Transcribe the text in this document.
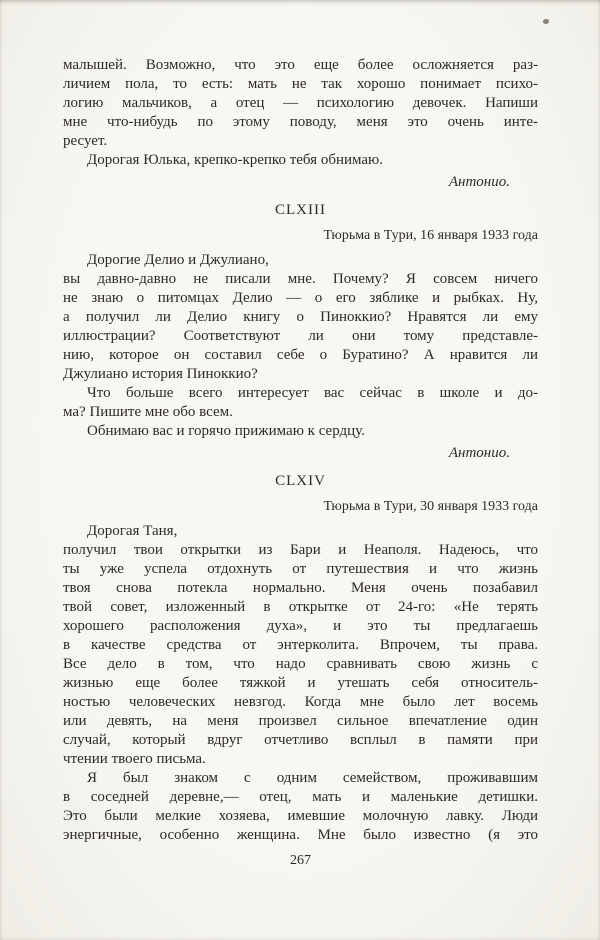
малышей. Возможно, что это еще более осложняется раз-
личием пола, то есть: мать не так хорошо понимает психо-
логию мальчиков, а отец — психологию девочек. Напиши
мне что-нибудь по этому поводу, меня это очень инте-
ресует.
Дорогая Юлька, крепко-крепко тебя обнимаю.
Антонио.
CLXIII
Тюрьма в Тури, 16 января 1933 года
Дорогие Делио и Джулиано,
вы давно-давно не писали мне. Почему? Я совсем ничего
не знаю о питомцах Делио — о его зяблике и рыбках. Ну,
а получил ли Делио книгу о Пиноккио? Нравятся ли ему
иллюстрации? Соответствуют ли они тому представле-
нию, которое он составил себе о Буратино? А нравится ли
Джулиано история Пиноккио?
Что больше всего интересует вас сейчас в школе и до-
ма? Пишите мне обо всем.
Обнимаю вас и горячо прижимаю к сердцу.
Антонио.
CLXIV
Тюрьма в Тури, 30 января 1933 года
Дорогая Таня,
получил твои открытки из Бари и Неаполя. Надеюсь, что
ты уже успела отдохнуть от путешествия и что жизнь
твоя снова потекла нормально. Меня очень позабавил
твой совет, изложенный в открытке от 24-го: «Не терять
хорошего расположения духа», и это ты предлагаешь
в качестве средства от энтерколита. Впрочем, ты права.
Все дело в том, что надо сравнивать свою жизнь с
жизнью еще более тяжкой и утешать себя относитель-
ностью человеческих невзгод. Когда мне было лет восемь
или девять, на меня произвел сильное впечатление один
случай, который вдруг отчетливо всплыл в памяти при
чтении твоего письма.
Я был знаком с одним семейством, проживавшим
в соседней деревне,— отец, мать и маленькие детишки.
Это были мелкие хозяева, имевшие молочную лавку. Люди
энергичные, особенно женщина. Мне было известно (я это
267
